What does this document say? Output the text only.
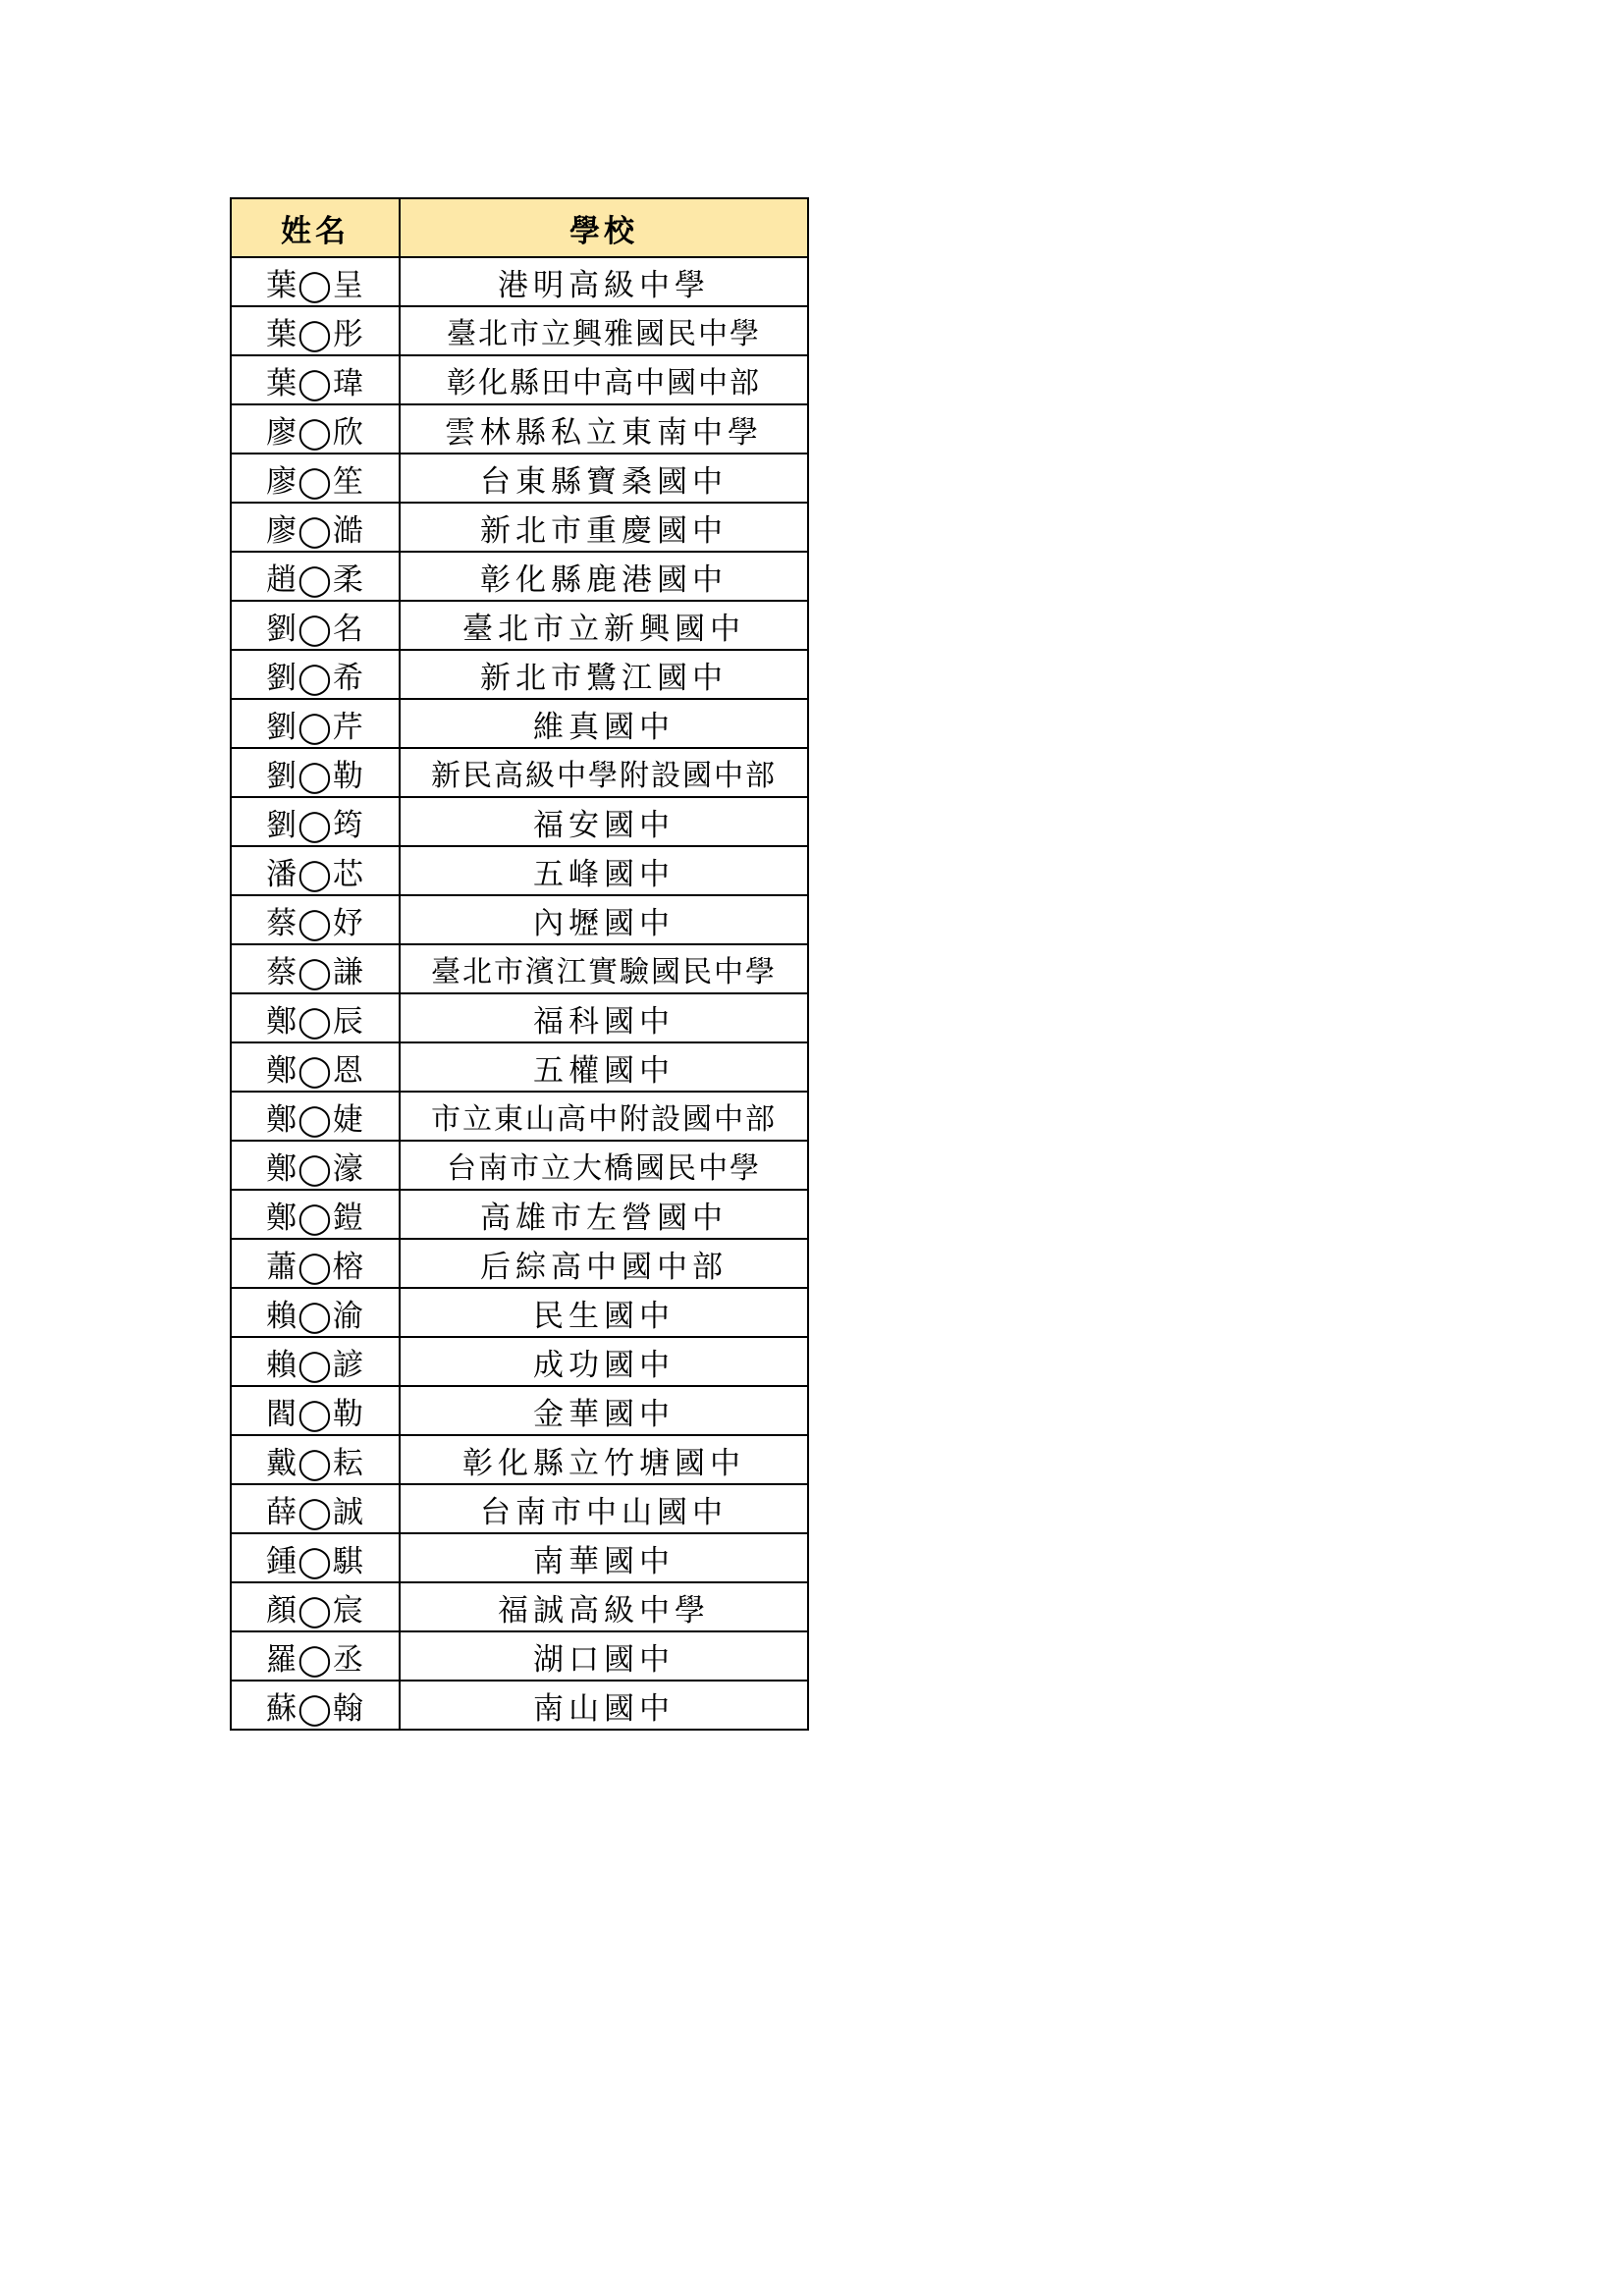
姓名	學校
葉◯呈	港明高級中學
葉◯彤	臺北市立興雅國民中學
葉◯瑋	彰化縣田中高中國中部
廖◯欣	雲林縣私立東南中學
廖◯笙	台東縣寶桑國中
廖◯澔	新北市重慶國中
趙◯柔	彰化縣鹿港國中
劉◯名	臺北市立新興國中
劉◯希	新北市鷺江國中
劉◯芹	維真國中
劉◯勒	新民高級中學附設國中部
劉◯筠	福安國中
潘◯芯	五峰國中
蔡◯妤	內壢國中
蔡◯謙	臺北市濱江實驗國民中學
鄭◯辰	福科國中
鄭◯恩	五權國中
鄭◯婕	市立東山高中附設國中部
鄭◯濠	台南市立大橋國民中學
鄭◯鎧	高雄市左營國中
蕭◯榕	后綜高中國中部
賴◯渝	民生國中
賴◯諺	成功國中
閻◯勒	金華國中
戴◯耘	彰化縣立竹塘國中
薛◯誠	台南市中山國中
鍾◯騏	南華國中
顏◯宸	福誠高級中學
羅◯丞	湖口國中
蘇◯翰	南山國中
